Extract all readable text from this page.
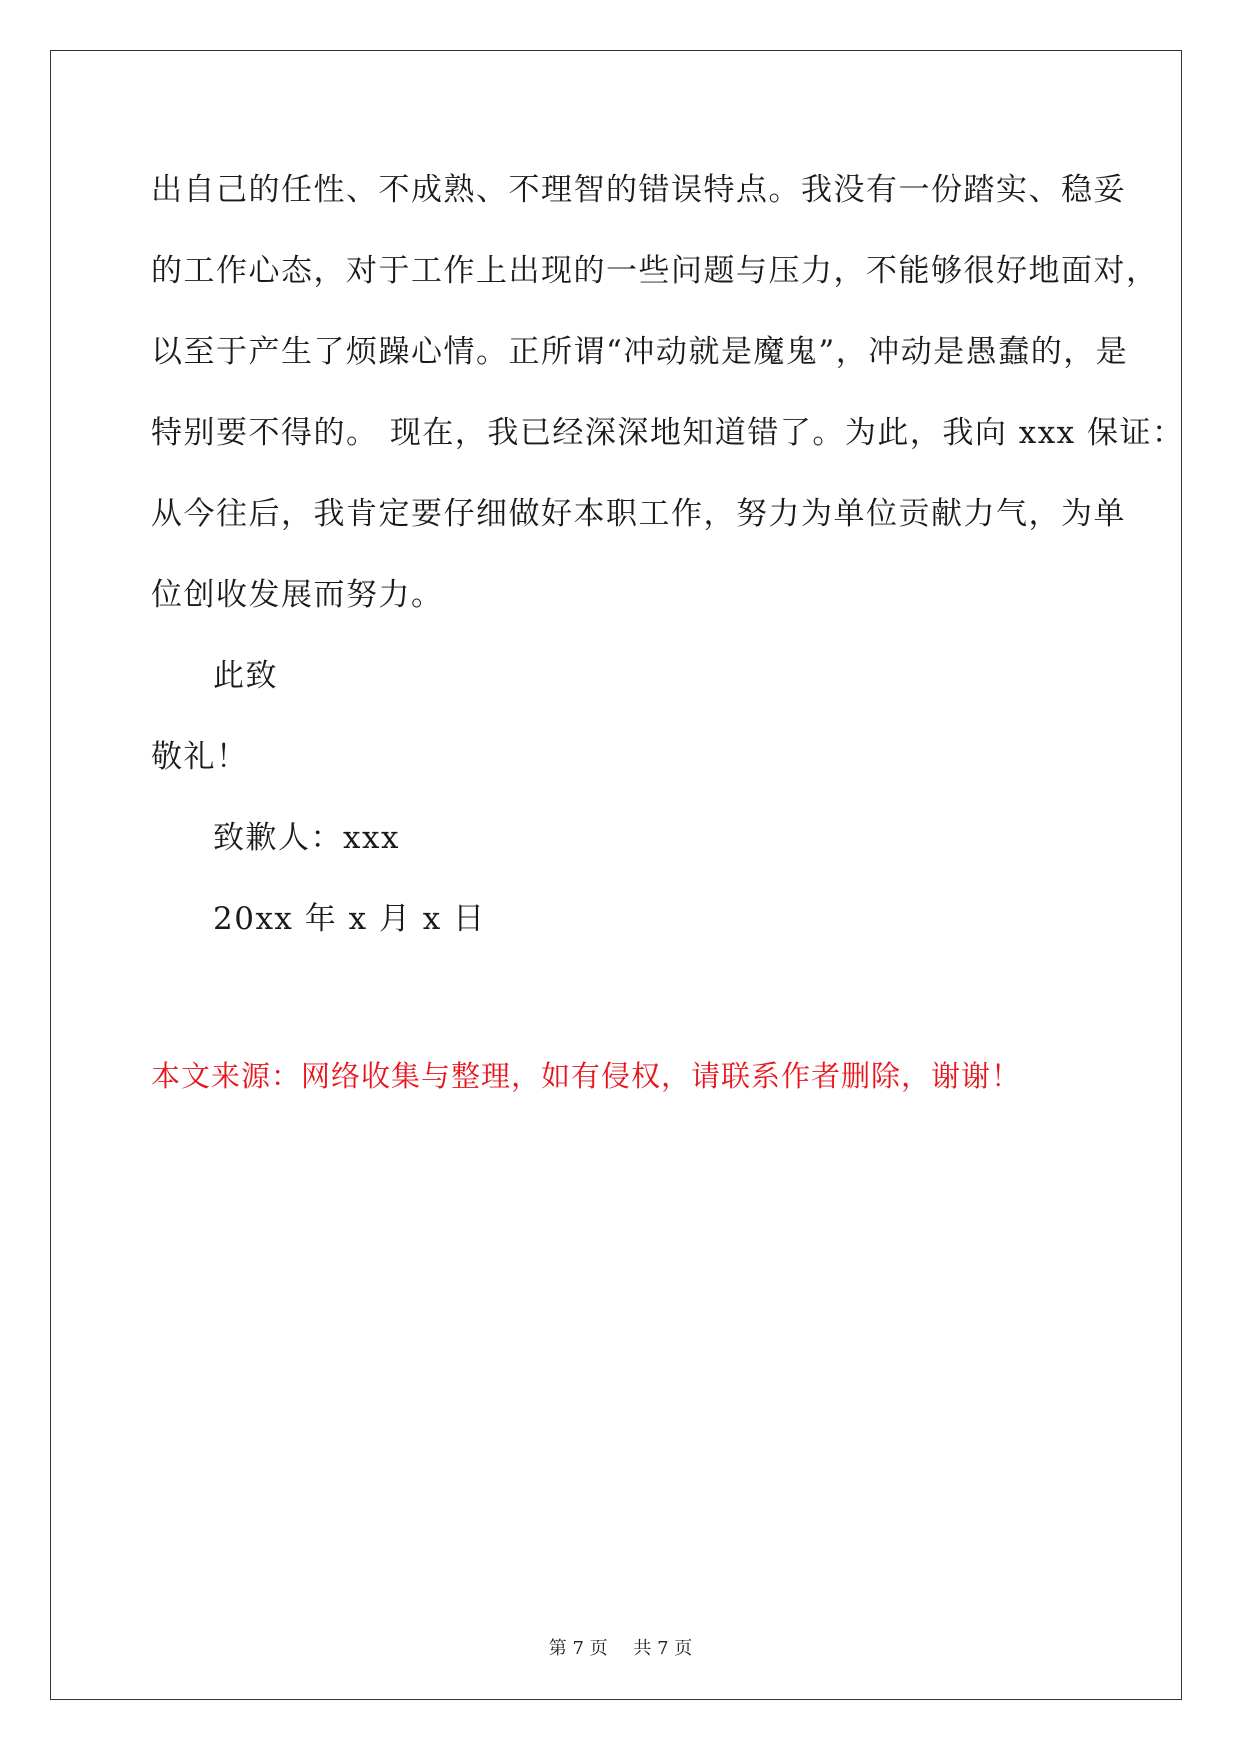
出自己的任性、不成熟、不理智的错误特点。我没有一份踏实、稳妥
的工作心态，对于工作上出现的一些问题与压力，不能够很好地面对，
以至于产生了烦躁心情。正所谓“冲动就是魔鬼”，冲动是愚蠢的，是
特别要不得的。 现在，我已经深深地知道错了。为此，我向 xxx 保证：
从今往后，我肯定要仔细做好本职工作，努力为单位贡献力气，为单
位创收发展而努力。
此致
敬礼！
致歉人：xxx
20xx 年 x 月 x 日
本文来源：网络收集与整理，如有侵权，请联系作者删除，谢谢！
第 7 页 共 7 页
